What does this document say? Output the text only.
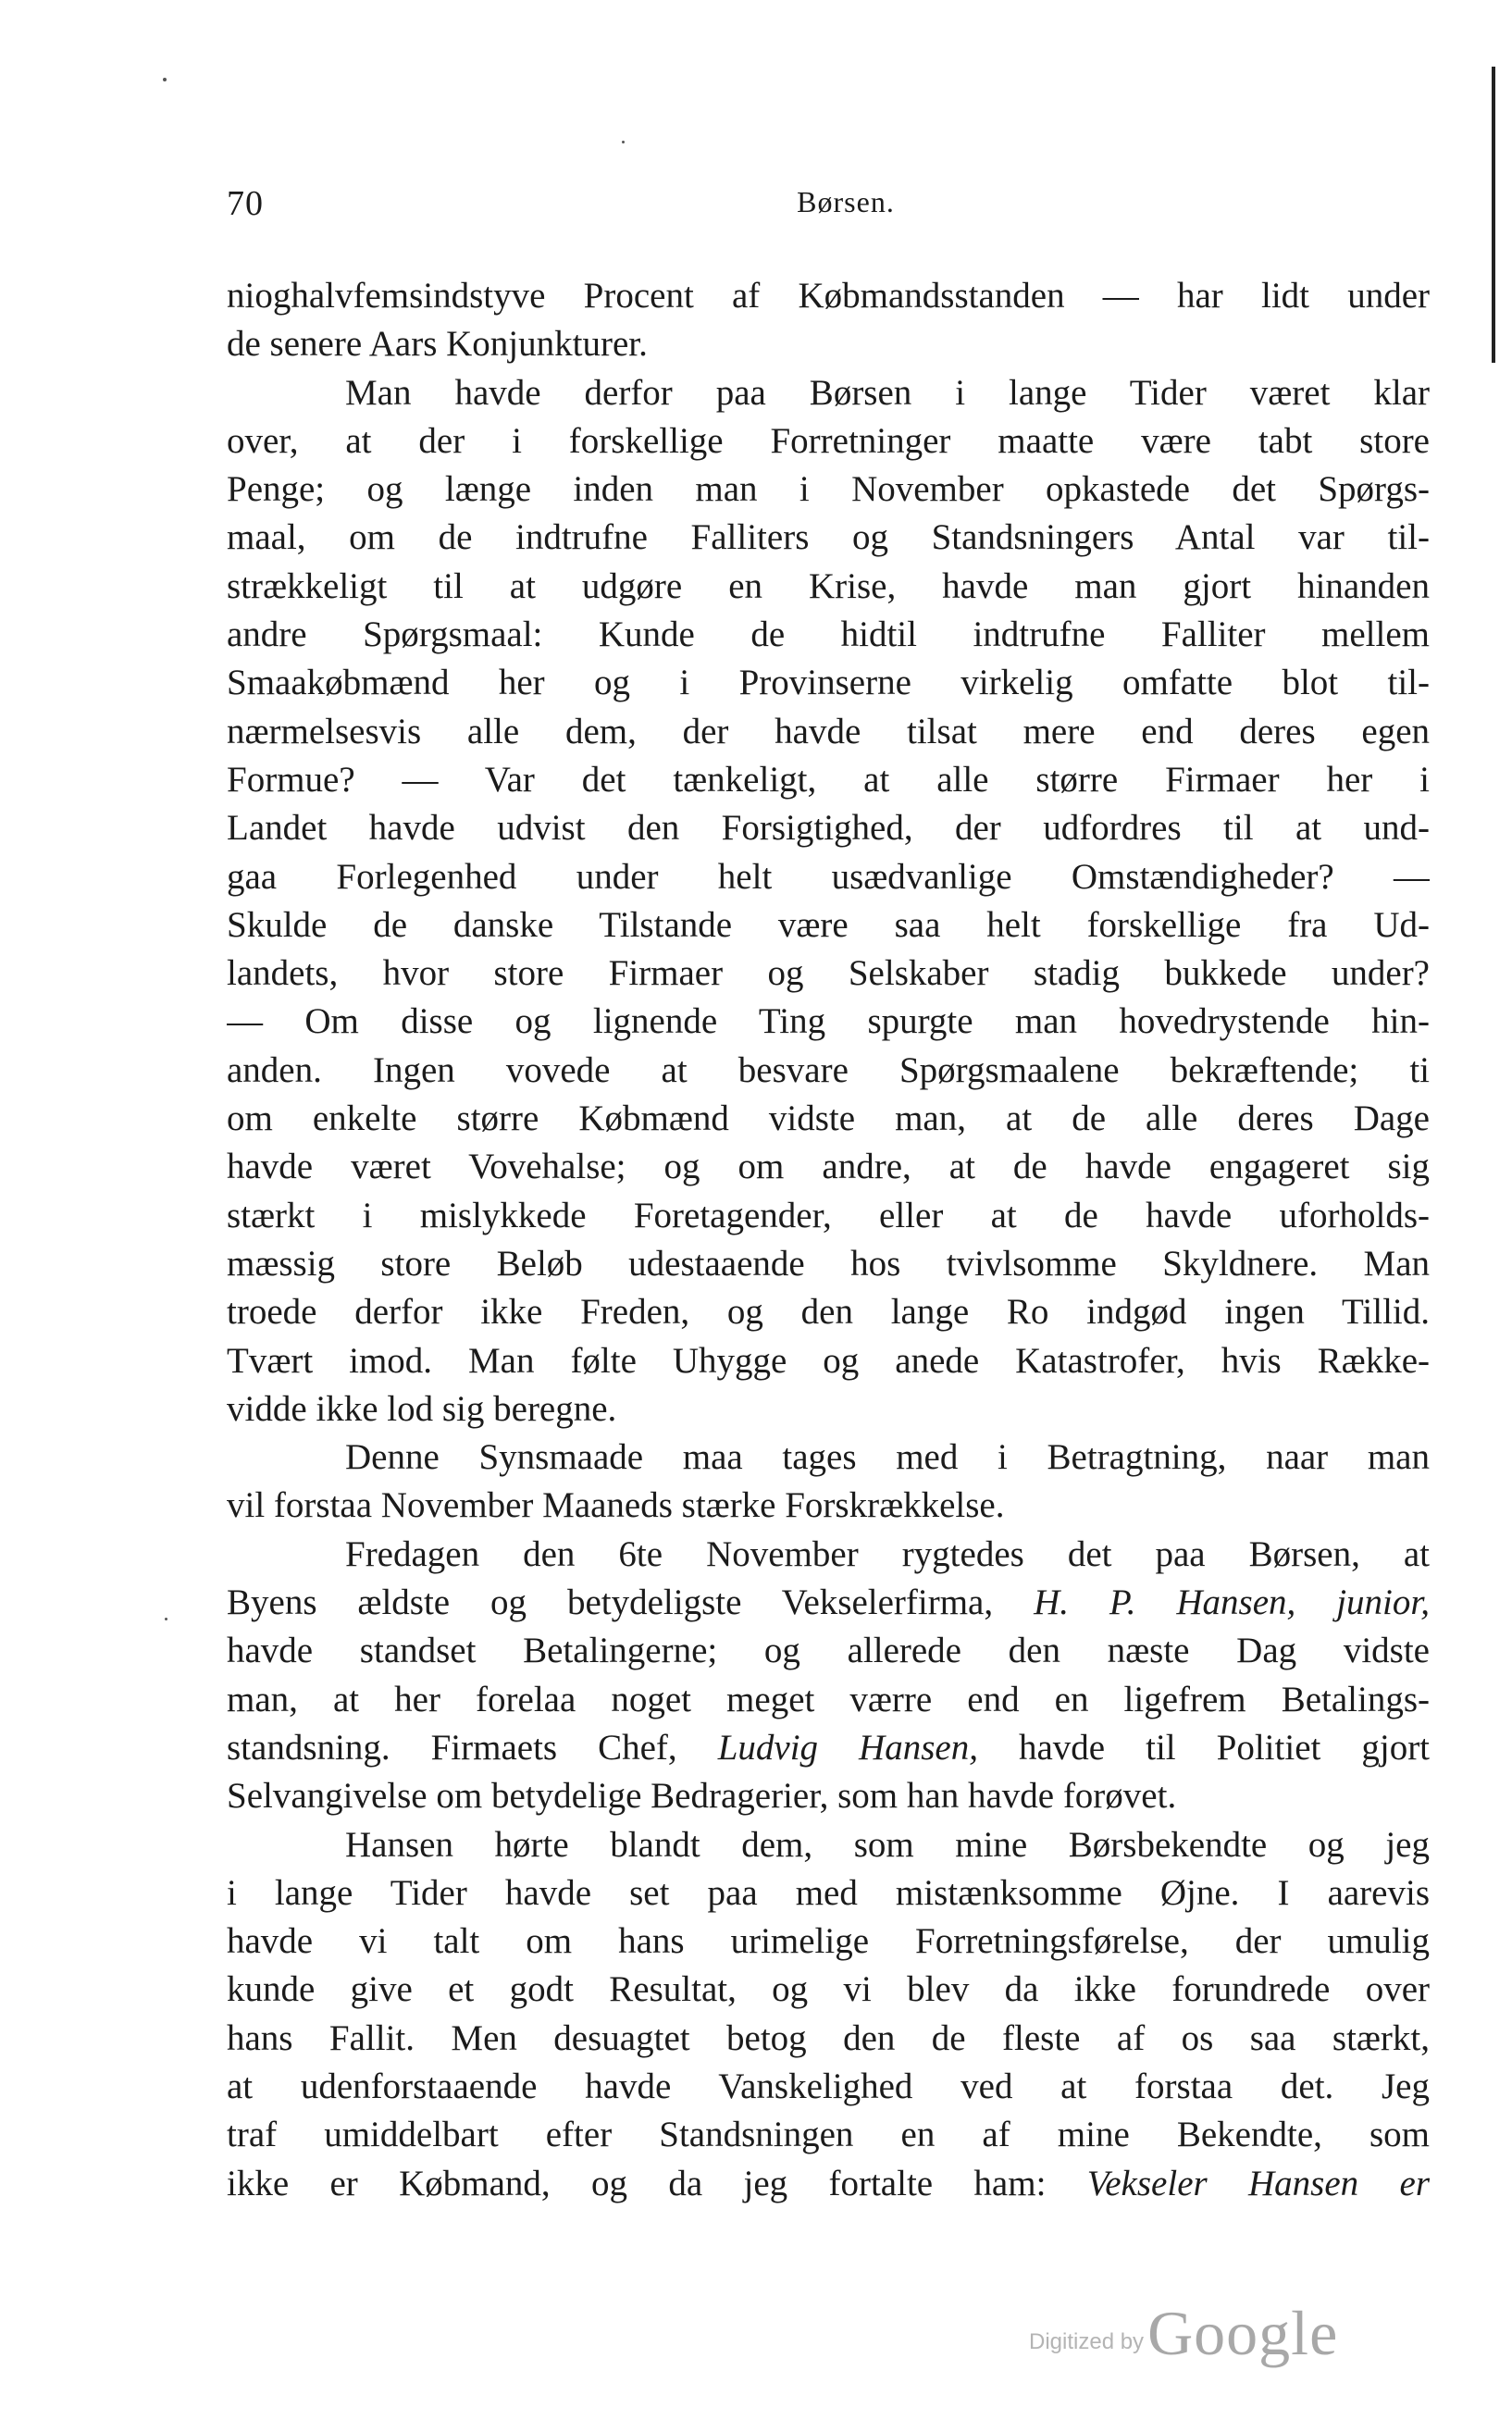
70	Børsen.

nioghalvfemsindstyve Procent af Købmandsstanden — har lidt under

de senere Aars Konjunkturer.

Man havde derfor paa Børsen i lange Tider været klar

over, at der i forskellige Forretninger maatte være tabt store

Penge; og længe inden man i November opkastede det Spørgs-

maal, om de indtrufne Falliters og Standsningers Antal var til-

strækkeligt til at udgøre en Krise, havde man gjort hinanden

andre Spørgsmaal: Kunde de hidtil indtrufne Falliter mellem

Smaakøbmænd her og i Provinserne virkelig omfatte blot til-

nærmelsesvis alle dem, der havde tilsat mere end deres egen

Formue? — Var det tænkeligt, at alle større Firmaer her i

Landet havde udvist den Forsigtighed, der udfordres til at und-

gaa Forlegenhed under helt usædvanlige Omstændigheder? —

Skulde de danske Tilstande være saa helt forskellige fra Ud-

landets, hvor store Firmaer og Selskaber stadig bukkede under?

— Om disse og lignende Ting spurgte man hovedrystende hin-

anden. Ingen vovede at besvare Spørgsmaalene bekræftende; ti

om enkelte større Købmænd vidste man, at de alle deres Dage

havde været Vovehalse; og om andre, at de havde engageret sig

stærkt i mislykkede Foretagender, eller at de havde uforholds-

mæssig store Beløb udestaaende hos tvivlsomme Skyldnere. Man

troede derfor ikke Freden, og den lange Ro indgød ingen Tillid.

Tvært imod. Man følte Uhygge og anede Katastrofer, hvis Række-

vidde ikke lod sig beregne.

Denne Synsmaade maa tages med i Betragtning, naar man

vil forstaa November Maaneds stærke Forskrækkelse.

Fredagen den 6te November rygtedes det paa Børsen, at

Byens ældste og betydeligste Vekselerfirma, H. P. Hansen, junior,

havde standset Betalingerne; og allerede den næste Dag vidste

man, at her forelaa noget meget værre end en ligefrem Betalings-

standsning. Firmaets Chef, Ludvig Hansen, havde til Politiet gjort

Selvangivelse om betydelige Bedragerier, som han havde forøvet.

Hansen hørte blandt dem, som mine Børsbekendte og jeg

i lange Tider havde set paa med mistænksomme Øjne. I aarevis

havde vi talt om hans urimelige Forretningsførelse, der umulig

kunde give et godt Resultat, og vi blev da ikke forundrede over

hans Fallit. Men desuagtet betog den de fleste af os saa stærkt,

at udenforstaaende havde Vanskelighed ved at forstaa det. Jeg

traf umiddelbart efter Standsningen en af mine Bekendte, som

ikke er Købmand, og da jeg fortalte ham: Vekseler Hansen er

Digitized by Google
